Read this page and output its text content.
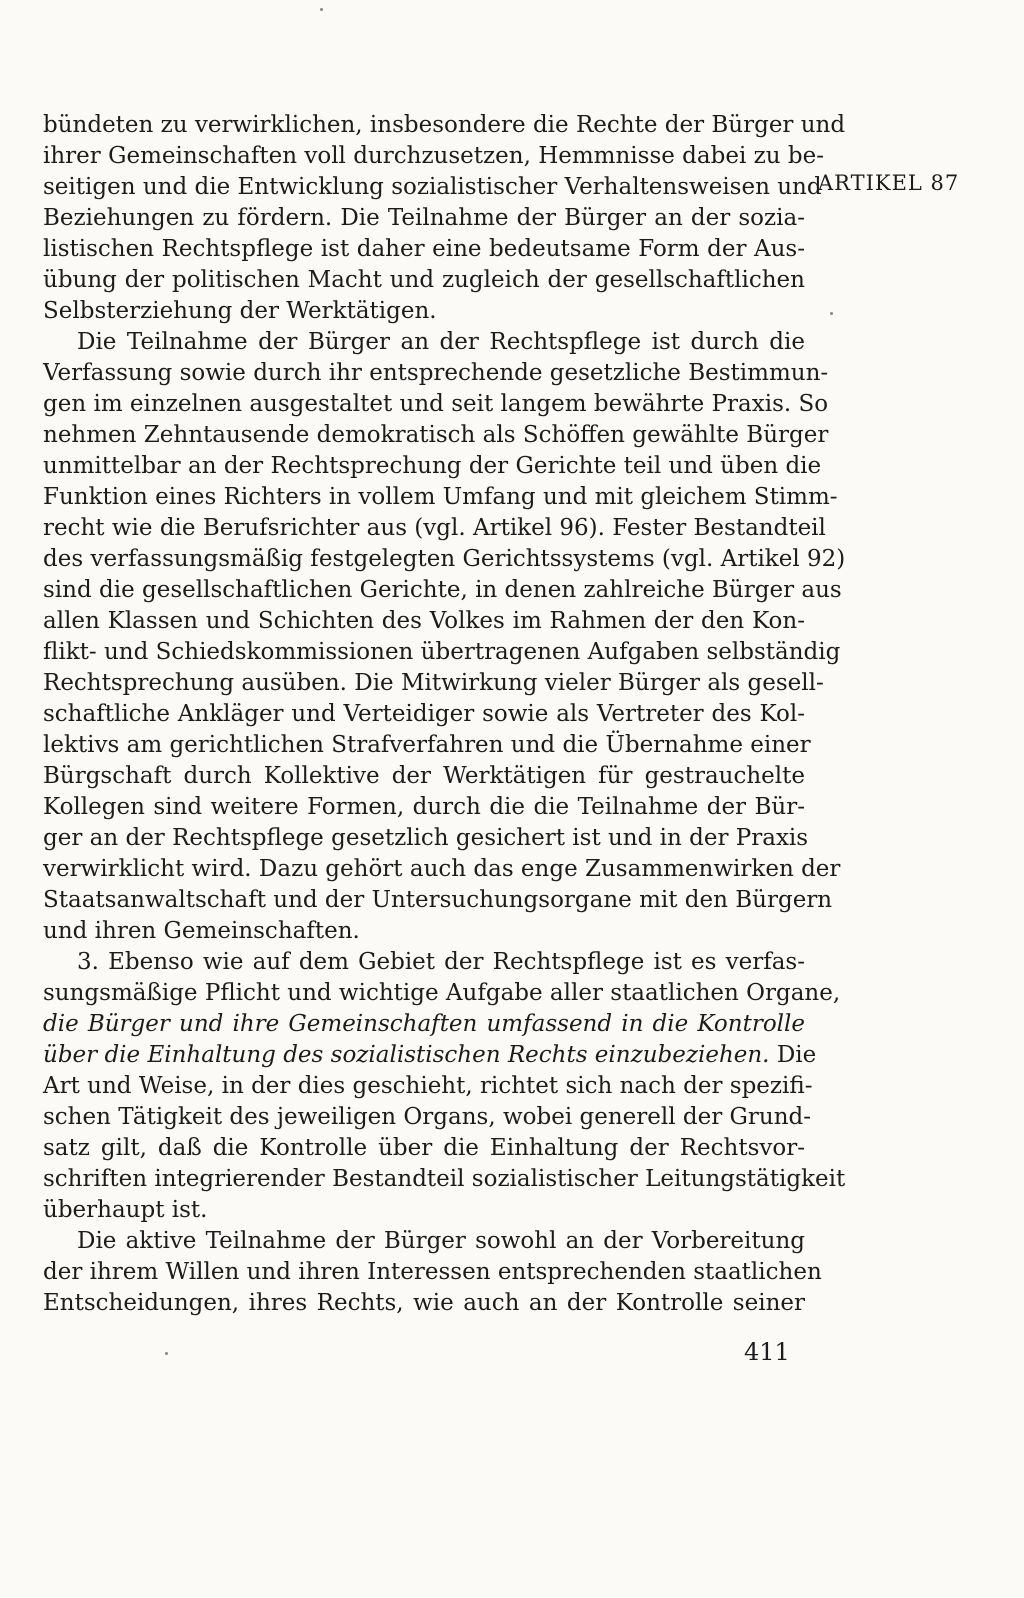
bündeten zu verwirklichen, insbesondere die Rechte der Bürger und
ihrer Gemeinschaften voll durchzusetzen, Hemmnisse dabei zu be-
seitigen und die Entwicklung sozialistischer Verhaltensweisen und
Beziehungen zu fördern. Die Teilnahme der Bürger an der sozia-
listischen Rechtspflege ist daher eine bedeutsame Form der Aus-
übung der politischen Macht und zugleich der gesellschaftlichen
Selbsterziehung der Werktätigen.
Die Teilnahme der Bürger an der Rechtspflege ist durch die
Verfassung sowie durch ihr entsprechende gesetzliche Bestimmun-
gen im einzelnen ausgestaltet und seit langem bewährte Praxis. So
nehmen Zehntausende demokratisch als Schöffen gewählte Bürger
unmittelbar an der Rechtsprechung der Gerichte teil und üben die
Funktion eines Richters in vollem Umfang und mit gleichem Stimm-
recht wie die Berufsrichter aus (vgl. Artikel 96). Fester Bestandteil
des verfassungsmäßig festgelegten Gerichtssystems (vgl. Artikel 92)
sind die gesellschaftlichen Gerichte, in denen zahlreiche Bürger aus
allen Klassen und Schichten des Volkes im Rahmen der den Kon-
flikt- und Schiedskommissionen übertragenen Aufgaben selbständig
Rechtsprechung ausüben. Die Mitwirkung vieler Bürger als gesell-
schaftliche Ankläger und Verteidiger sowie als Vertreter des Kol-
lektivs am gerichtlichen Strafverfahren und die Übernahme einer
Bürgschaft durch Kollektive der Werktätigen für gestrauchelte
Kollegen sind weitere Formen, durch die die Teilnahme der Bür-
ger an der Rechtspflege gesetzlich gesichert ist und in der Praxis
verwirklicht wird. Dazu gehört auch das enge Zusammenwirken der
Staatsanwaltschaft und der Untersuchungsorgane mit den Bürgern
und ihren Gemeinschaften.
3. Ebenso wie auf dem Gebiet der Rechtspflege ist es verfas-
sungsmäßige Pflicht und wichtige Aufgabe aller staatlichen Organe,
die Bürger und ihre Gemeinschaften umfassend in die Kontrolle
über die Einhaltung des sozialistischen Rechts einzubeziehen. Die
Art und Weise, in der dies geschieht, richtet sich nach der spezifi-
schen Tätigkeit des jeweiligen Organs, wobei generell der Grund-
satz gilt, daß die Kontrolle über die Einhaltung der Rechtsvor-
schriften integrierender Bestandteil sozialistischer Leitungstätigkeit
überhaupt ist.
Die aktive Teilnahme der Bürger sowohl an der Vorbereitung
der ihrem Willen und ihren Interessen entsprechenden staatlichen
Entscheidungen, ihres Rechts, wie auch an der Kontrolle seiner
ARTIKEL 87
411
